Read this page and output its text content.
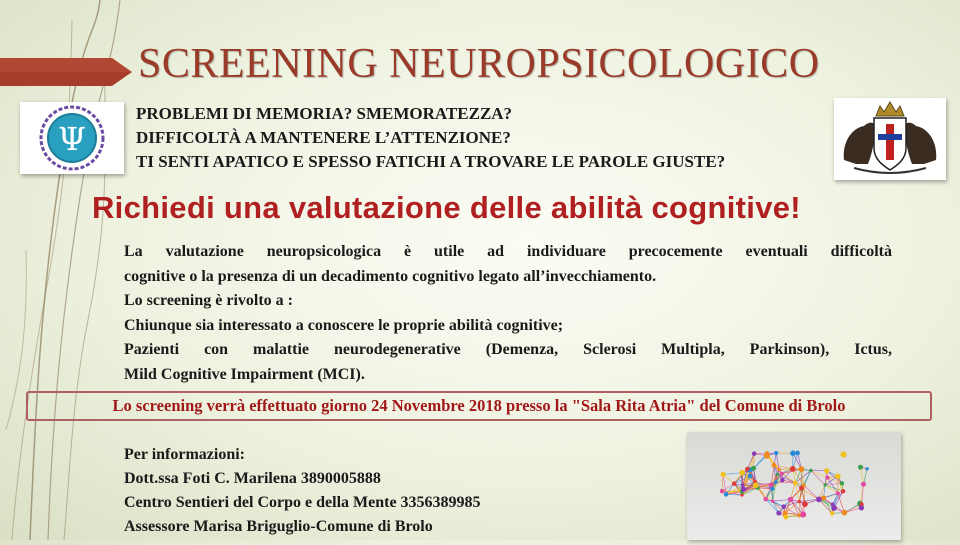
SCREENING NEUROPSICOLOGICO
Ψ
PROBLEMI DI MEMORIA? SMEMORATEZZA?
DIFFICOLTÀ A MANTENERE L’ATTENZIONE?
TI SENTI APATICO E SPESSO FATICHI A TROVARE LE PAROLE GIUSTE?
Richiedi una valutazione delle abilità cognitive!
La valutazione neuropsicologica è utile ad individuare precocemente eventuali difficoltà
cognitive o la presenza di un decadimento cognitivo legato all’invecchiamento.
Lo screening è rivolto a :
Chiunque sia interessato a conoscere le proprie abilità cognitive;
Pazienti con malattie neurodegenerative (Demenza, Sclerosi Multipla, Parkinson), Ictus,
Mild Cognitive Impairment (MCI).
Lo screening verrà effettuato giorno 24 Novembre 2018 presso la "Sala Rita Atria" del Comune di Brolo
Per informazioni:
Dott.ssa Foti C. Marilena 3890005888
Centro Sentieri del Corpo e della Mente 3356389985
Assessore Marisa Briguglio-Comune di Brolo
